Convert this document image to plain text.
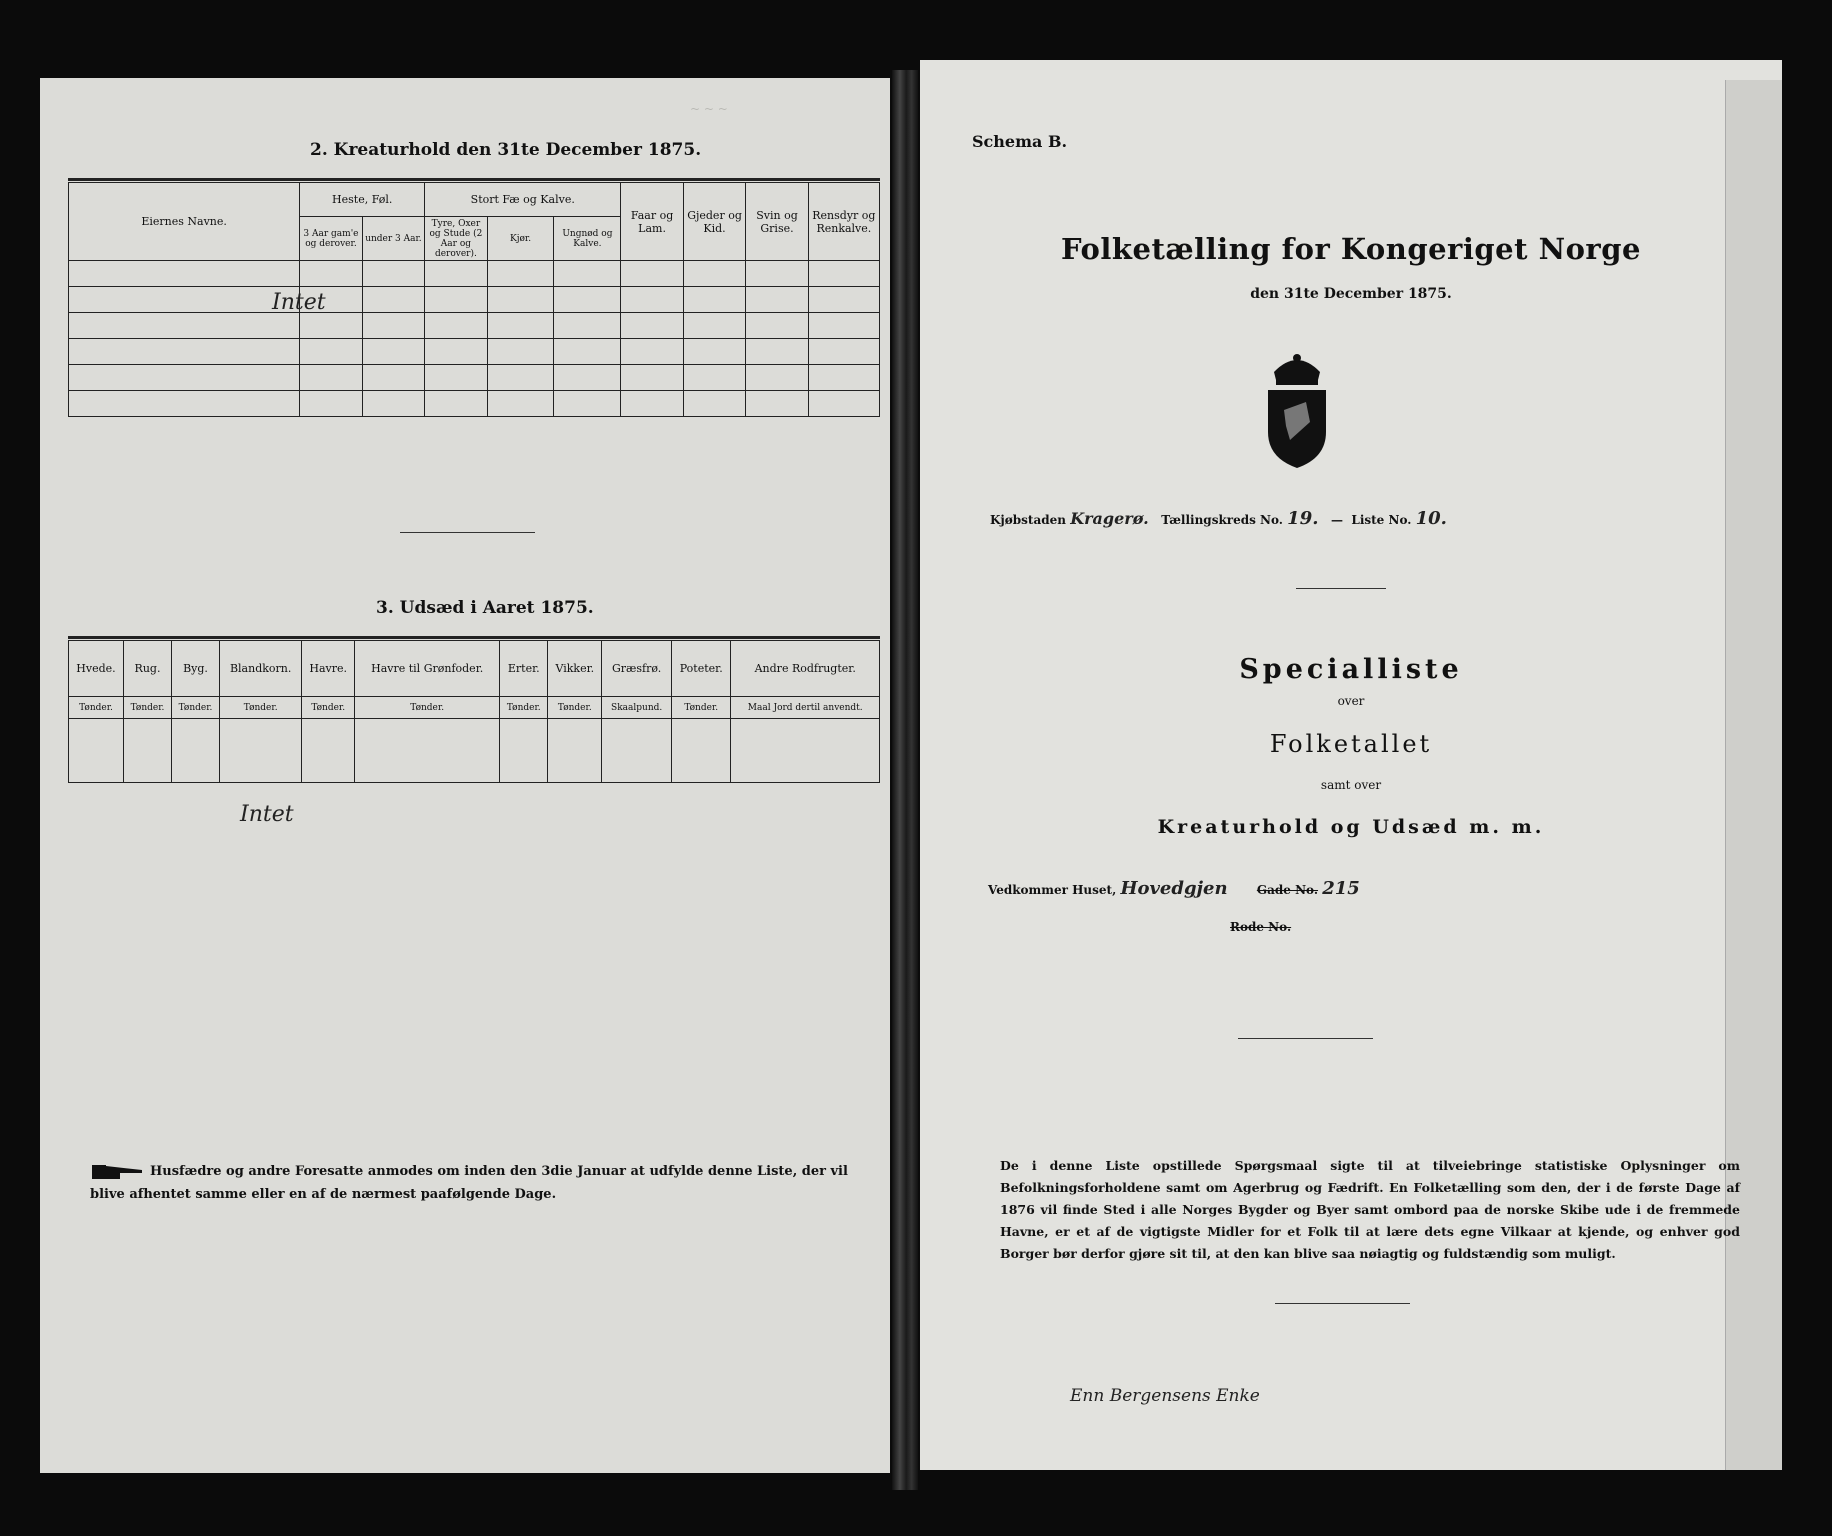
~ ~ ~
2. Kreaturhold den 31te December 1875.
Eiernes Navne.	Heste, Føl.		Stort Fæ og Kalve.			Faar og Lam.	Gjeder og Kid.	Svin og Grise.	Rensdyr og Renkalve.
	3 Aar gam'e og derover.	under 3 Aar.	Tyre, Oxer og Stude (2 Aar og derover).	Kjør.	Ungnød og Kalve.				

Intet
3. Udsæd i Aaret 1875.
Hvede.	Rug.	Byg.	Blandkorn.	Havre.	Havre til Grønfoder.	Erter.	Vikker.	Græsfrø.	Poteter.	Andre Rodfrugter.
Tønder.	Tønder.	Tønder.	Tønder.	Tønder.	Tønder.	Tønder.	Tønder.	Skaalpund.	Tønder.	Maal Jord dertil anvendt.

Intet
Husfædre og andre Foresatte anmodes om inden den 3die Januar at udfylde denne Liste, der vil blive afhentet samme eller en af de nærmest paafølgende Dage.
Schema B.
Folketælling for Kongeriget Norge
den 31te December 1875.
Kjøbstaden Kragerø. Tællingskreds No. 19.   —  Liste No. 10.
Specialliste
over
Folketallet
samt over
Kreaturhold og Udsæd m. m.
Vedkommer Huset, Hovedgjen Gade No. 215
Rode No.
De i denne Liste opstillede Spørgsmaal sigte til at tilveiebringe statistiske Oplysninger om Befolkningsforholdene samt om Agerbrug og Fædrift. En Folketælling som den, der i de første Dage af 1876 vil finde Sted i alle Norges Bygder og Byer samt ombord paa de norske Skibe ude i de fremmede Havne, er et af de vigtigste Midler for et Folk til at lære dets egne Vilkaar at kjende, og enhver god Borger bør derfor gjøre sit til, at den kan blive saa nøiagtig og fuldstændig som muligt.
Enn Bergensens Enke
